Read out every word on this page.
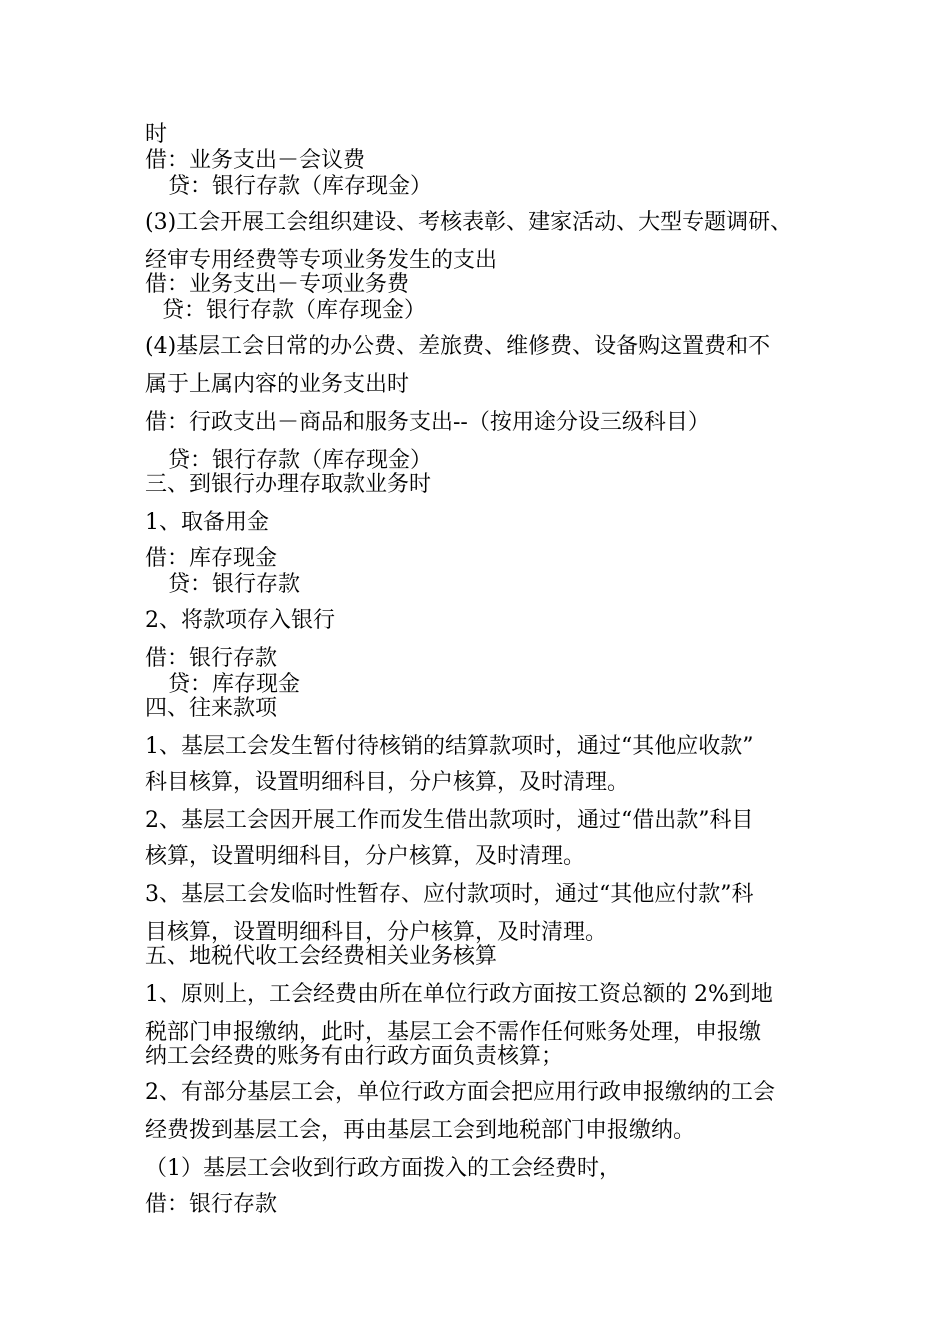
时
借：业务支出－会议费
贷：银行存款（库存现金）
(3)工会开展工会组织建设、考核表彰、建家活动、大型专题调研、
经审专用经费等专项业务发生的支出
借：业务支出－专项业务费
贷：银行存款（库存现金）
(4)基层工会日常的办公费、差旅费、维修费、设备购这置费和不
属于上属内容的业务支出时
借：行政支出－商品和服务支出--（按用途分设三级科目）
贷：银行存款（库存现金）
三、到银行办理存取款业务时
1、取备用金
借：库存现金
贷：银行存款
2、将款项存入银行
借：银行存款
贷：库存现金
四、往来款项
1、基层工会发生暂付待核销的结算款项时，通过“其他应收款”
科目核算，设置明细科目，分户核算，及时清理。
2、基层工会因开展工作而发生借出款项时，通过“借出款”科目
核算，设置明细科目，分户核算，及时清理。
3、基层工会发临时性暂存、应付款项时，通过“其他应付款”科
目核算，设置明细科目，分户核算，及时清理。
五、地税代收工会经费相关业务核算
1、原则上，工会经费由所在单位行政方面按工资总额的 2%到地
税部门申报缴纳，此时，基层工会不需作任何账务处理，申报缴
纳工会经费的账务有由行政方面负责核算；
2、有部分基层工会，单位行政方面会把应用行政申报缴纳的工会
经费拨到基层工会，再由基层工会到地税部门申报缴纳。
（1）基层工会收到行政方面拨入的工会经费时，
借：银行存款
